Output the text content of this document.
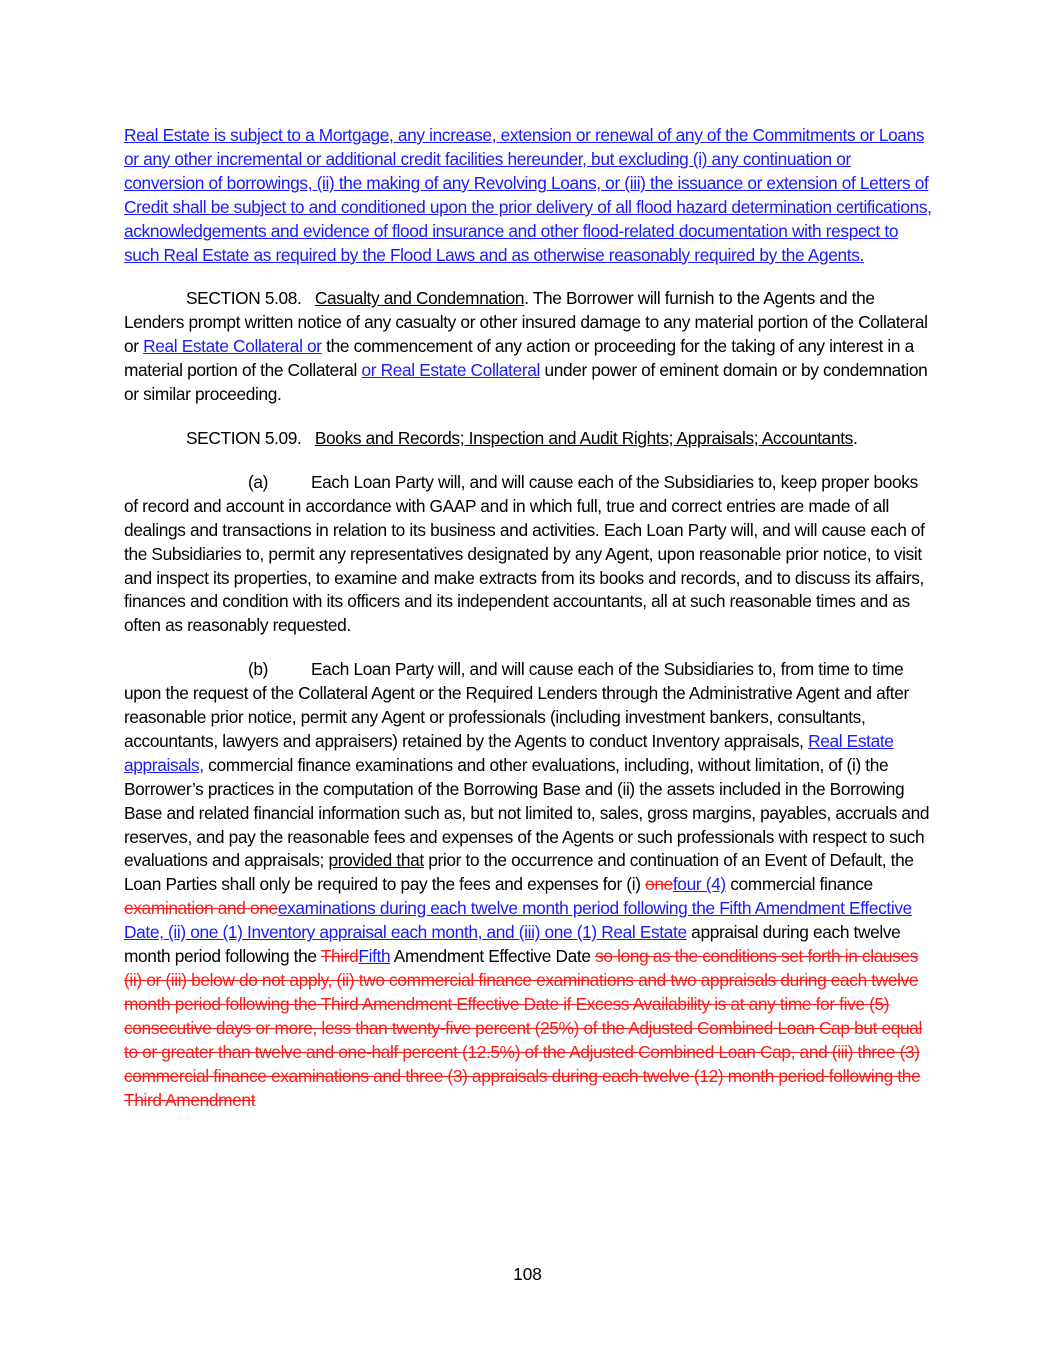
Real Estate is subject to a Mortgage, any increase, extension or renewal of any of the Commitments or Loans or any other incremental or additional credit facilities hereunder, but excluding (i) any continuation or conversion of borrowings, (ii) the making of any Revolving Loans, or (iii) the issuance or extension of Letters of Credit shall be subject to and conditioned upon the prior delivery of all flood hazard determination certifications, acknowledgements and evidence of flood insurance and other flood-related documentation with respect to such Real Estate as required by the Flood Laws and as otherwise reasonably required by the Agents.

SECTION 5.08. Casualty and Condemnation. The Borrower will furnish to the Agents and the Lenders prompt written notice of any casualty or other insured damage to any material portion of the Collateral or Real Estate Collateral or the commencement of any action or proceeding for the taking of any interest in a material portion of the Collateral or Real Estate Collateral under power of eminent domain or by condemnation or similar proceeding.

SECTION 5.09. Books and Records; Inspection and Audit Rights; Appraisals; Accountants.

(a) Each Loan Party will, and will cause each of the Subsidiaries to, keep proper books of record and account in accordance with GAAP and in which full, true and correct entries are made of all dealings and transactions in relation to its business and activities. Each Loan Party will, and will cause each of the Subsidiaries to, permit any representatives designated by any Agent, upon reasonable prior notice, to visit and inspect its properties, to examine and make extracts from its books and records, and to discuss its affairs, finances and condition with its officers and its independent accountants, all at such reasonable times and as often as reasonably requested.

(b) Each Loan Party will, and will cause each of the Subsidiaries to, from time to time upon the request of the Collateral Agent or the Required Lenders through the Administrative Agent and after reasonable prior notice, permit any Agent or professionals (including investment bankers, consultants, accountants, lawyers and appraisers) retained by the Agents to conduct Inventory appraisals, Real Estate appraisals, commercial finance examinations and other evaluations, including, without limitation, of (i) the Borrower’s practices in the computation of the Borrowing Base and (ii) the assets included in the Borrowing Base and related financial information such as, but not limited to, sales, gross margins, payables, accruals and reserves, and pay the reasonable fees and expenses of the Agents or such professionals with respect to such evaluations and appraisals; provided that prior to the occurrence and continuation of an Event of Default, the Loan Parties shall only be required to pay the fees and expenses for (i) onefour (4) commercial finance examination and oneexaminations during each twelve month period following the Fifth Amendment Effective Date, (ii) one (1) Inventory appraisal each month, and (iii) one (1) Real Estate appraisal during each twelve month period following the ThirdFifth Amendment Effective Date so long as the conditions set forth in clauses (ii) or (iii) below do not apply, (ii) two commercial finance examinations and two appraisals during each twelve month period following the Third Amendment Effective Date if Excess Availability is at any time for five (5) consecutive days or more, less than twenty-five percent (25%) of the Adjusted Combined Loan Cap but equal to or greater than twelve and one-half percent (12.5%) of the Adjusted Combined Loan Cap, and (iii) three (3) commercial finance examinations and three (3) appraisals during each twelve (12) month period following the Third Amendment

108
